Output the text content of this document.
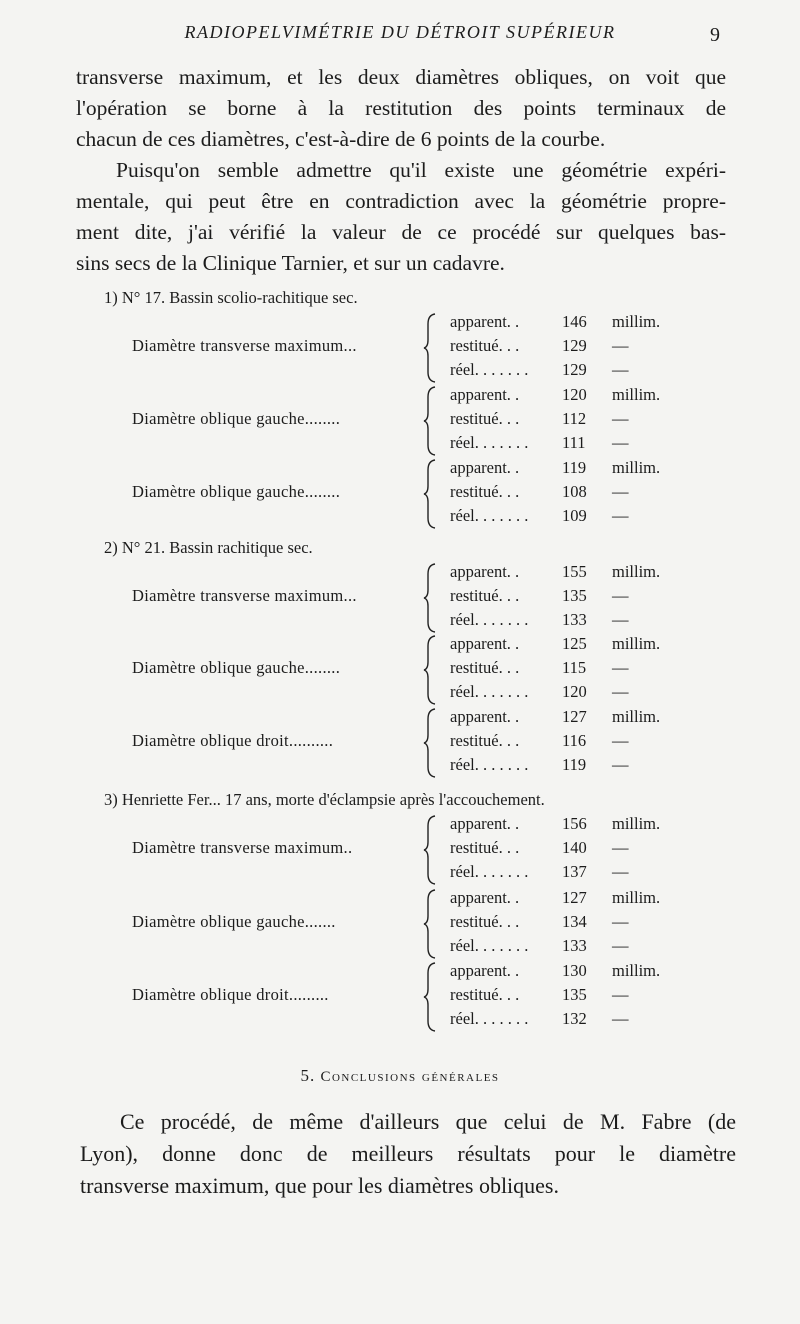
RADIOPELVIMÉTRIE DU DÉTROIT SUPÉRIEUR	9
transverse maximum, et les deux diamètres obliques, on voit que
l'opération se borne à la restitution des points terminaux de
chacun de ces diamètres, c'est-à-dire de 6 points de la courbe.
Puisqu'on semble admettre qu'il existe une géométrie expéri-
mentale, qui peut être en contradiction avec la géométrie propre-
ment dite, j'ai vérifié la valeur de ce procédé sur quelques bas-
sins secs de la Clinique Tarnier, et sur un cadavre.
1) N° 17. Bassin scolio-rachitique sec.
Diamètre transverse maximum...
apparent. .	146	millim.
restitué. . .	129	—
réel. . . . . . . 129	—
Diamètre oblique gauche........
apparent. .	120	millim.
restitué. . .	112	—
réel. . . . . . . 111	—
Diamètre oblique gauche........
apparent. .	119	millim.
restitué. . .	108	—
réel. . . . . . . 109	—
2) N° 21. Bassin rachitique sec.
Diamètre transverse maximum...
apparent. .	155	millim.
restitué. . .	135	—
réel. . . . . . . 133	—
Diamètre oblique gauche........
apparent. .	125	millim.
restitué. . .	115	—
réel. . . . . . . 120	—
Diamètre oblique droit..........
apparent. .	127	millim.
restitué. . .	116	—
réel. . . . . . . 119	—
3) Henriette Fer... 17 ans, morte d'éclampsie après l'accouchement.
Diamètre transverse maximum..
apparent. .	156	millim.
restitué. . .	140	—
réel. . . . . . . 137	—
Diamètre oblique gauche.......
apparent. .	127	millim.
restitué. . .	134	—
réel. . . . . . . 133	—
Diamètre oblique droit.........
apparent. .	130	millim.
restitué. . .	135	—
réel. . . . . . . 132	—
5. Conclusions générales
Ce procédé, de même d'ailleurs que celui de M. Fabre (de
Lyon), donne donc de meilleurs résultats pour le diamètre
transverse maximum, que pour les diamètres obliques.
